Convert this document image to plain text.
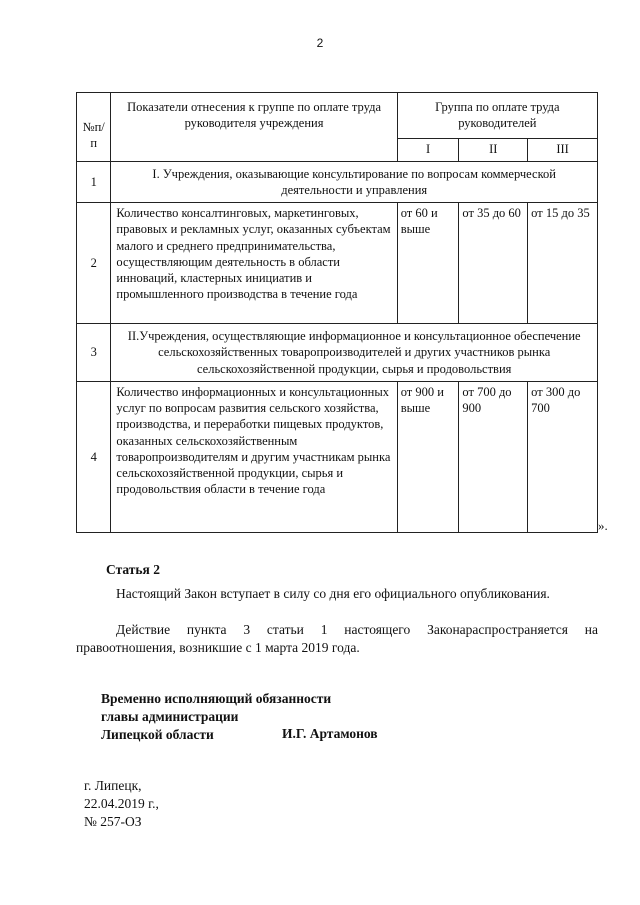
2
№п/п	Показатели отнесения к группе по оплате труда руководителя учреждения	Группа по оплате труда руководителей		
		I	II	III
1	I. Учреждения, оказывающие консультирование по вопросам коммерческой деятельности и управления			
2	Количество консалтинговых, маркетинговых, правовых и рекламных услуг, оказанных субъектам малого и среднего предпринимательства, осуществляющим деятельность в области инноваций, кластерных инициатив и промышленного производства в течение года	от 60 и выше	от 35 до 60	от 15 до 35
3	II.Учреждения, осуществляющие информационное и консультационное обеспечение сельскохозяйственных товаропроизводителей и других участников рынка сельскохозяйственной продукции, сырья и продовольствия			
4	Количество информационных и консультационных услуг по вопросам развития сельского хозяйства, производства, и переработки пищевых продуктов, оказанных сельскохозяйственным товаропроизводителям и другим участникам рынка сельскохозяйственной продукции, сырья и продовольствия области в течение года	от 900 и выше	от 700 до 900	от 300 до 700
».
Статья 2

Настоящий Закон вступает в силу со дня его официального опубликования.

Действие пункта 3 статьи 1 настоящего Законараспространяется на правоотношения, возникшие с 1 марта 2019 года.

Временно исполняющий обязанности
главы администрации
Липецкой области	И.Г. Артамонов
г. Липецк,
22.04.2019 г.,
№ 257-ОЗ
